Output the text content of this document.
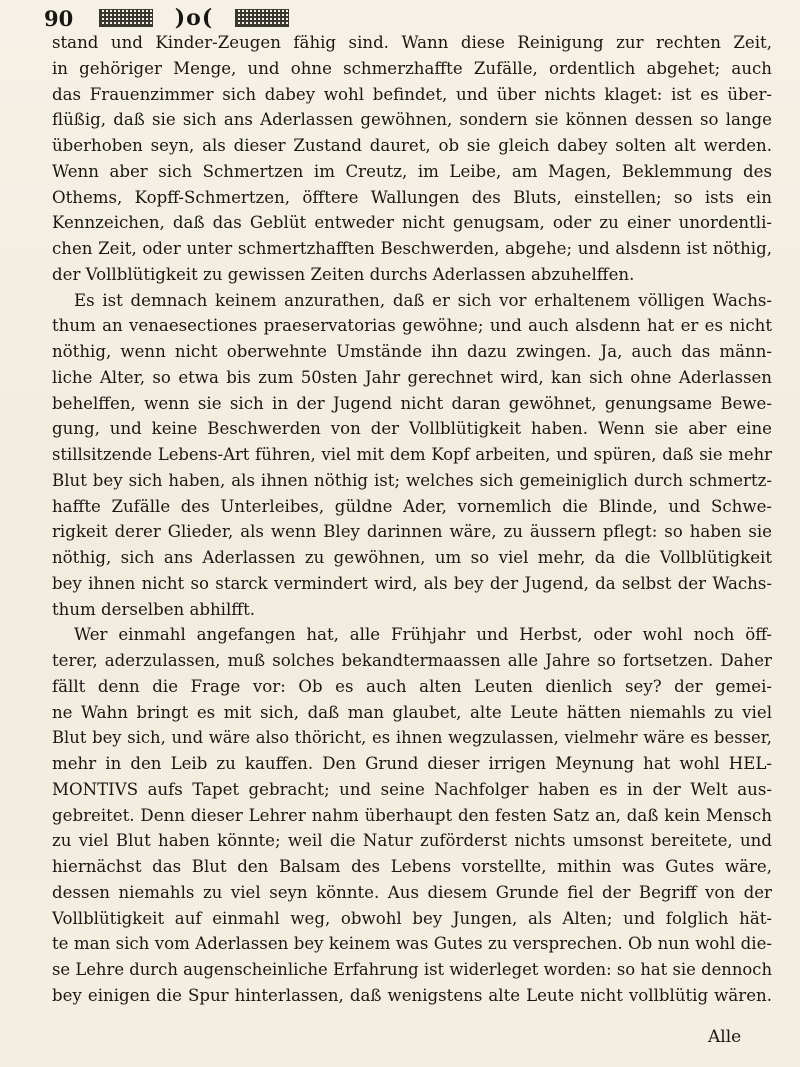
90	)o(
stand und Kinder-Zeugen fähig sind. Wann diese Reinigung zur rechten Zeit,
in gehöriger Menge, und ohne schmerzhaffte Zufälle, ordentlich abgehet; auch
das Frauenzimmer sich dabey wohl befindet, und über nichts klaget: ist es über-
flüßig, daß sie sich ans Aderlassen gewöhnen, sondern sie können dessen so lange
überhoben seyn, als dieser Zustand dauret, ob sie gleich dabey solten alt werden.
Wenn aber sich Schmertzen im Creutz, im Leibe, am Magen, Beklemmung des
Othems, Kopff-Schmertzen, öfftere Wallungen des Bluts, einstellen; so ists ein
Kennzeichen, daß das Geblüt entweder nicht genugsam, oder zu einer unordentli-
chen Zeit, oder unter schmertzhafften Beschwerden, abgehe; und alsdenn ist nöthig,
der Vollblütigkeit zu gewissen Zeiten durchs Aderlassen abzuhelffen.
Es ist demnach keinem anzurathen, daß er sich vor erhaltenem völligen Wachs-
thum an venaesectiones praeservatorias gewöhne; und auch alsdenn hat er es nicht
nöthig, wenn nicht oberwehnte Umstände ihn dazu zwingen. Ja, auch das männ-
liche Alter, so etwa bis zum 50sten Jahr gerechnet wird, kan sich ohne Aderlassen
behelffen, wenn sie sich in der Jugend nicht daran gewöhnet, genungsame Bewe-
gung, und keine Beschwerden von der Vollblütigkeit haben. Wenn sie aber eine
stillsitzende Lebens-Art führen, viel mit dem Kopf arbeiten, und spüren, daß sie mehr
Blut bey sich haben, als ihnen nöthig ist; welches sich gemeiniglich durch schmertz-
haffte Zufälle des Unterleibes, güldne Ader, vornemlich die Blinde, und Schwe-
rigkeit derer Glieder, als wenn Bley darinnen wäre, zu äussern pflegt: so haben sie
nöthig, sich ans Aderlassen zu gewöhnen, um so viel mehr, da die Vollblütigkeit
bey ihnen nicht so starck vermindert wird, als bey der Jugend, da selbst der Wachs-
thum derselben abhilfft.
Wer einmahl angefangen hat, alle Frühjahr und Herbst, oder wohl noch öff-
terer, aderzulassen, muß solches bekandtermaassen alle Jahre so fortsetzen. Daher
fällt denn die Frage vor: Ob es auch alten Leuten dienlich sey? der gemei-
ne Wahn bringt es mit sich, daß man glaubet, alte Leute hätten niemahls zu viel
Blut bey sich, und wäre also thöricht, es ihnen wegzulassen, vielmehr wäre es besser,
mehr in den Leib zu kauffen. Den Grund dieser irrigen Meynung hat wohl HEL-
MONTIVS aufs Tapet gebracht; und seine Nachfolger haben es in der Welt aus-
gebreitet. Denn dieser Lehrer nahm überhaupt den festen Satz an, daß kein Mensch
zu viel Blut haben könnte; weil die Natur zuförderst nichts umsonst bereitete, und
hiernächst das Blut den Balsam des Lebens vorstellte, mithin was Gutes wäre,
dessen niemahls zu viel seyn könnte. Aus diesem Grunde fiel der Begriff von der
Vollblütigkeit auf einmahl weg, obwohl bey Jungen, als Alten; und folglich hät-
te man sich vom Aderlassen bey keinem was Gutes zu versprechen. Ob nun wohl die-
se Lehre durch augenscheinliche Erfahrung ist widerleget worden: so hat sie dennoch
bey einigen die Spur hinterlassen, daß wenigstens alte Leute nicht vollblütig wären.
Alle
